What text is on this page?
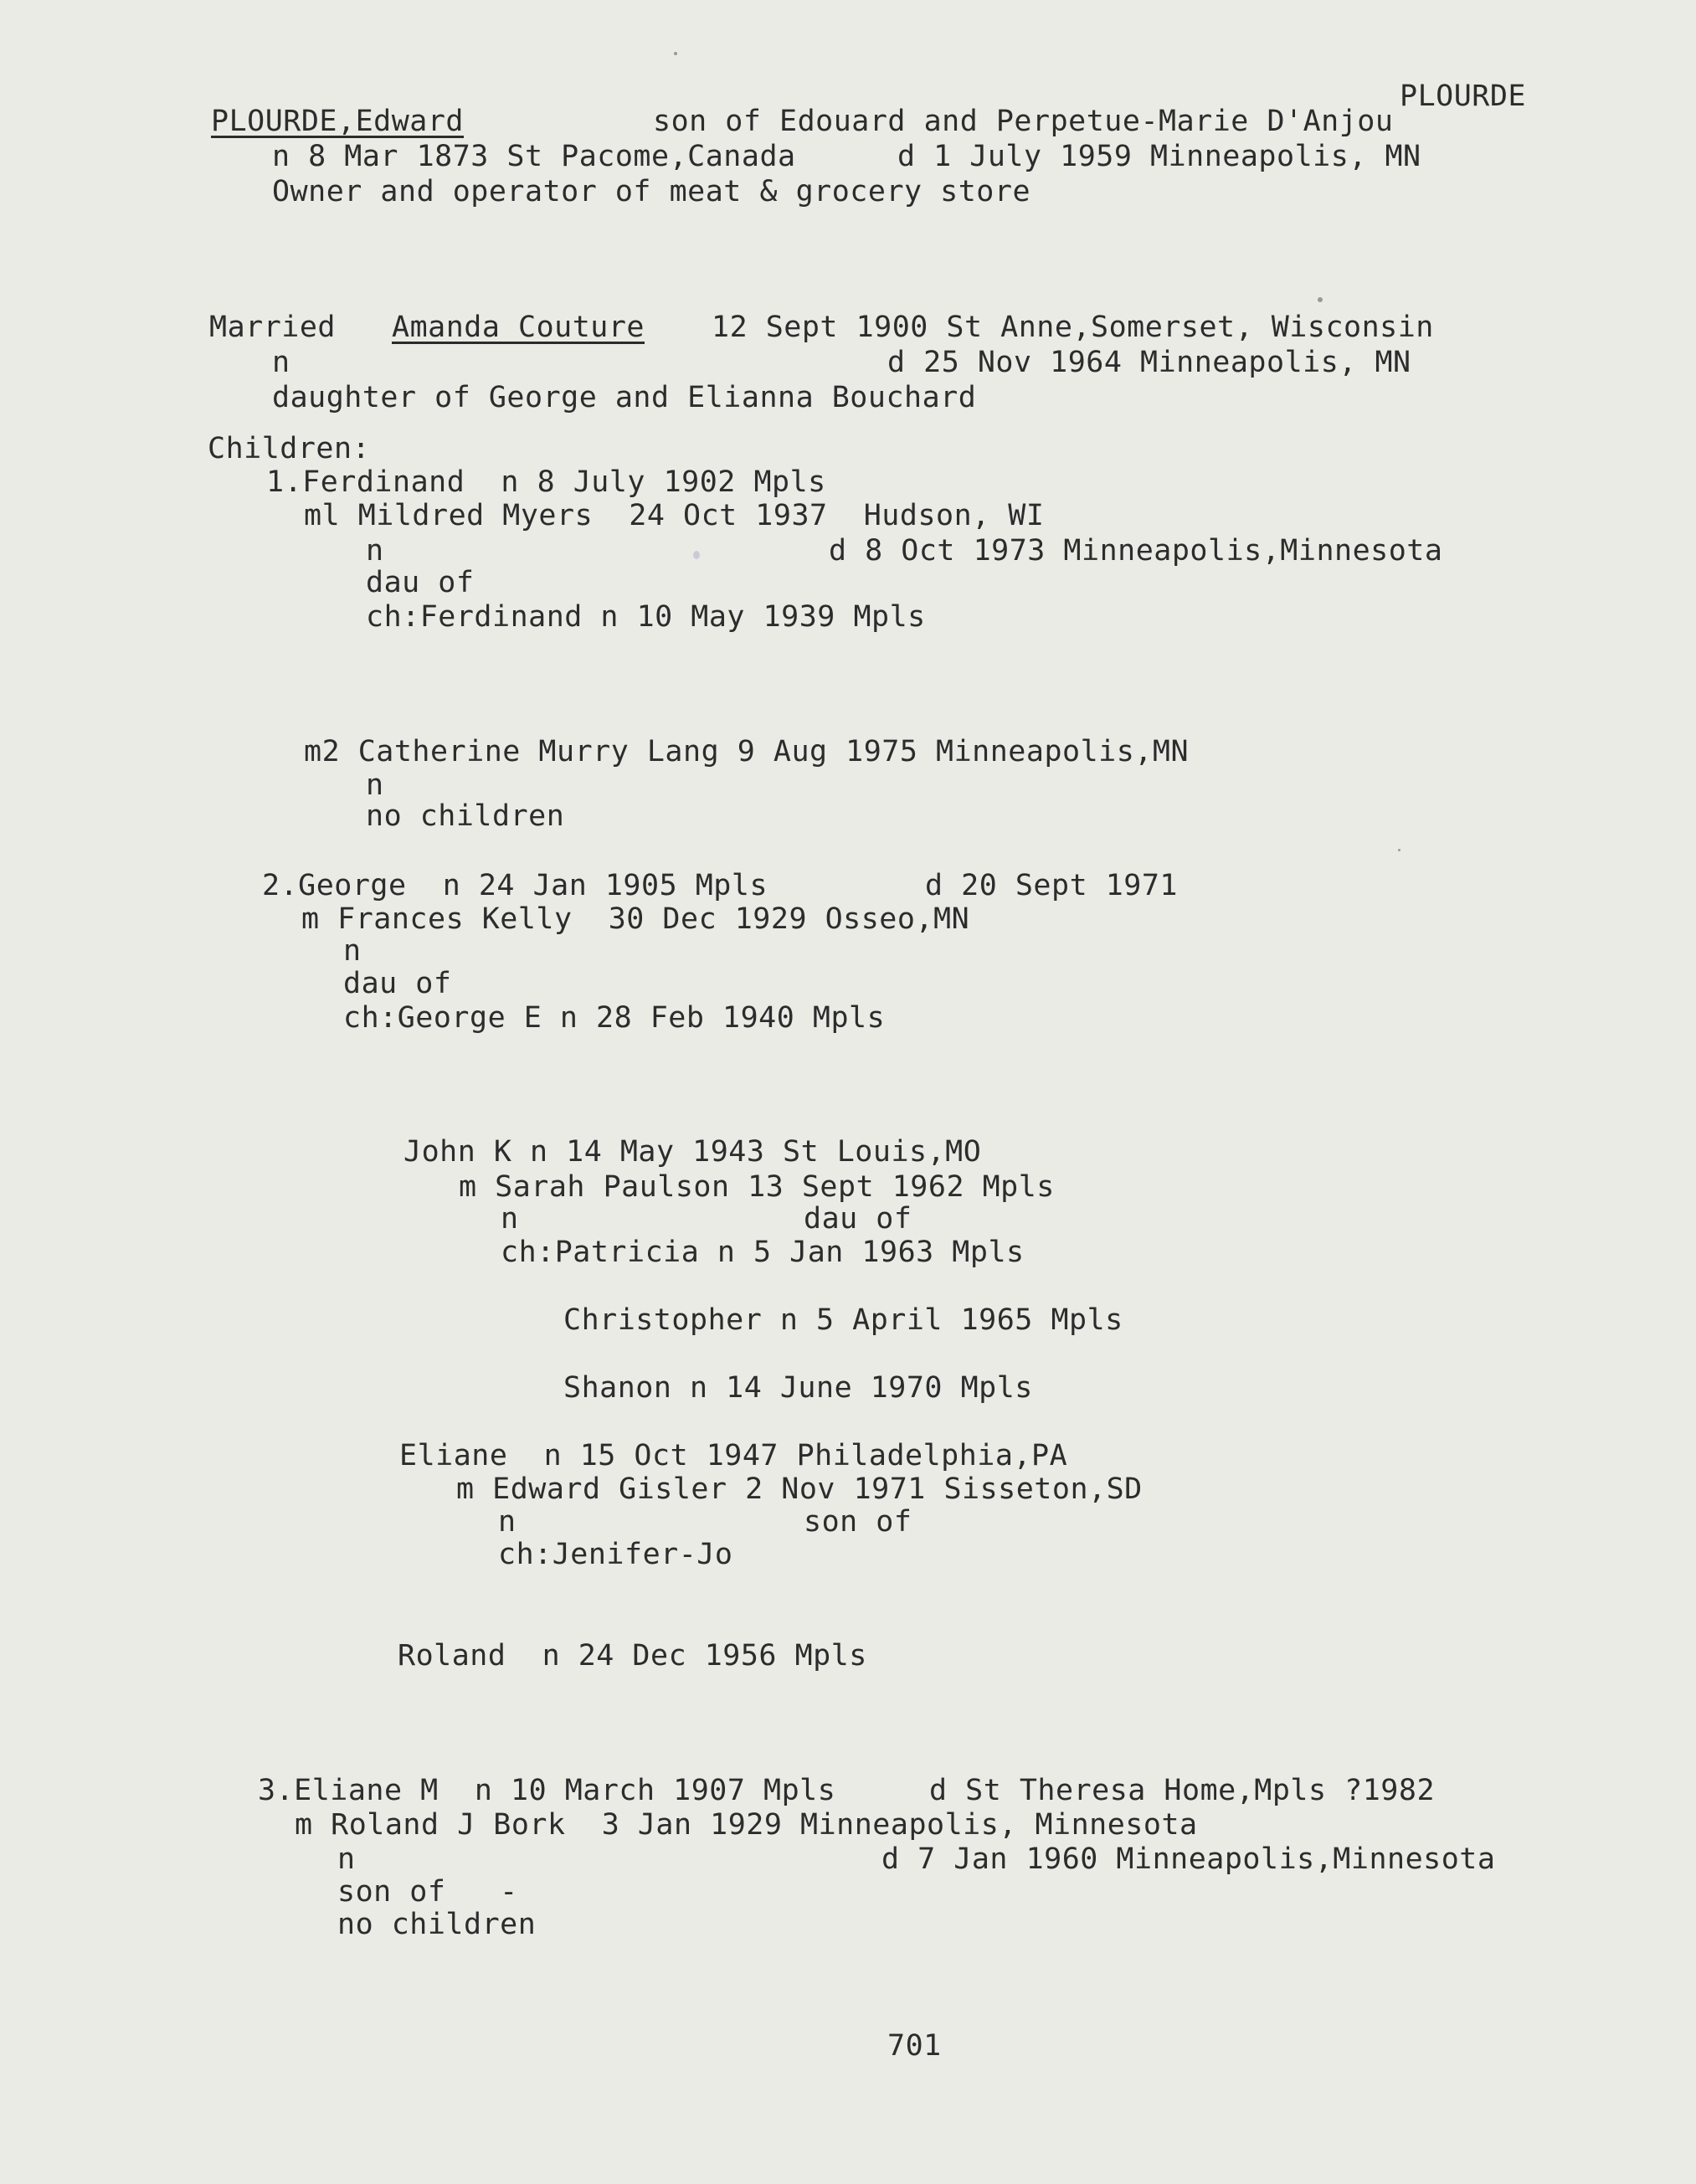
PLOURDE
PLOURDE,Edward	son of Edouard and Perpetue-Marie D'Anjou
n 8 Mar 1873 St Pacome,Canada	d 1 July 1959 Minneapolis, MN
Owner and operator of meat & grocery store
Married Amanda Couture 12 Sept 1900 St Anne,Somerset, Wisconsin
n	d 25 Nov 1964 Minneapolis, MN
daughter of George and Elianna Bouchard
Children:
1.Ferdinand  n 8 July 1902 Mpls
ml Mildred Myers  24 Oct 1937  Hudson, WI
n	d 8 Oct 1973 Minneapolis,Minnesota
dau of
ch:Ferdinand n 10 May 1939 Mpls
m2 Catherine Murry Lang 9 Aug 1975 Minneapolis,MN
n
no children
2.George  n 24 Jan 1905 Mpls	d 20 Sept 1971
m Frances Kelly  30 Dec 1929 Osseo,MN
n
dau of
ch:George E n 28 Feb 1940 Mpls
John K n 14 May 1943 St Louis,MO
m Sarah Paulson 13 Sept 1962 Mpls
n	dau of
ch:Patricia n 5 Jan 1963 Mpls
Christopher n 5 April 1965 Mpls
Shanon n 14 June 1970 Mpls
Eliane  n 15 Oct 1947 Philadelphia,PA
m Edward Gisler 2 Nov 1971 Sisseton,SD
n	son of
ch:Jenifer-Jo
Roland  n 24 Dec 1956 Mpls
3.Eliane M  n 10 March 1907 Mpls	d St Theresa Home,Mpls ?1982
m Roland J Bork  3 Jan 1929 Minneapolis, Minnesota
n	d 7 Jan 1960 Minneapolis,Minnesota
son of   -
no children
701
